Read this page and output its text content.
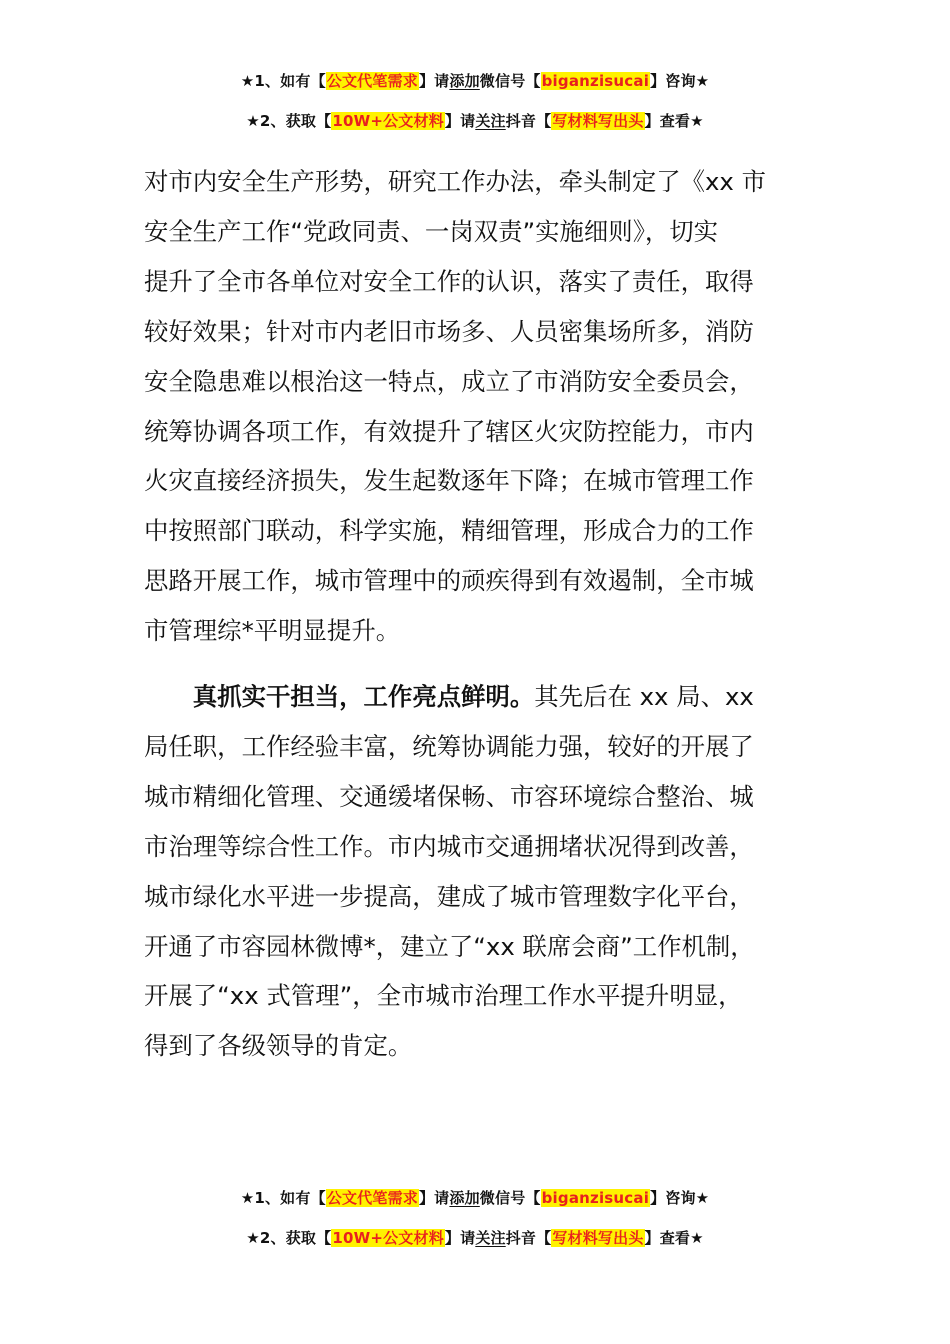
★1、如有【公文代笔需求】请添加微信号【biganzisucai】咨询★
★2、获取【10W+公文材料】请关注抖音【写材料写出头】查看★
对市内安全生产形势，研究工作办法，牵头制定了《xx 市
安全生产工作“党政同责、一岗双责”实施细则》，切实
提升了全市各单位对安全工作的认识，落实了责任，取得
较好效果；针对市内老旧市场多、人员密集场所多，消防
安全隐患难以根治这一特点，成立了市消防安全委员会，
统筹协调各项工作，有效提升了辖区火灾防控能力，市内
火灾直接经济损失，发生起数逐年下降；在城市管理工作
中按照部门联动，科学实施，精细管理，形成合力的工作
思路开展工作，城市管理中的顽疾得到有效遏制，全市城
市管理综*平明显提升。
真抓实干担当，工作亮点鲜明。其先后在 xx 局、xx
局任职，工作经验丰富，统筹协调能力强，较好的开展了
城市精细化管理、交通缓堵保畅、市容环境综合整治、城
市治理等综合性工作。市内城市交通拥堵状况得到改善，
城市绿化水平进一步提高，建成了城市管理数字化平台，
开通了市容园林微博*，建立了“xx 联席会商”工作机制，
开展了“xx 式管理”，全市城市治理工作水平提升明显，
得到了各级领导的肯定。
★1、如有【公文代笔需求】请添加微信号【biganzisucai】咨询★
★2、获取【10W+公文材料】请关注抖音【写材料写出头】查看★
